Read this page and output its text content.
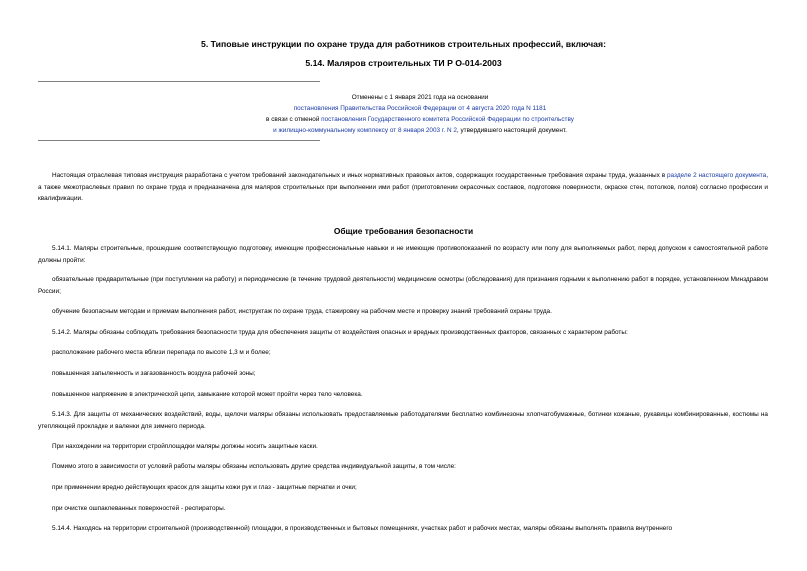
5. Типовые инструкции по охране труда для работников строительных профессий, включая:
5.14. Маляров строительных ТИ Р О-014-2003
Отменены с 1 января 2021 года на основании
постановления Правительства Российской Федерации от 4 августа 2020 года N 1181
в связи с отменой постановления Государственного комитета Российской Федерации по строительству
и жилищно-коммунальному комплексу от 8 января 2003 г. N 2, утвердившего настоящий документ.
Настоящая отраслевая типовая инструкция разработана с учетом требований законодательных и иных нормативных правовых актов, содержащих государственные требования охраны труда, указанных в разделе 2 настоящего документа, а также межотраслевых правил по охране труда и предназначена для маляров строительных при выполнении ими работ (приготовлении окрасочных составов, подготовке поверхности, окраске стен, потолков, полов) согласно профессии и квалификации.
Общие требования безопасности
5.14.1. Маляры строительные, прошедшие соответствующую подготовку, имеющие профессиональные навыки и не имеющие противопоказаний по возрасту или полу для выполняемых работ, перед допуском к самостоятельной работе должны пройти:
обязательные предварительные (при поступлении на работу) и периодические (в течение трудовой деятельности) медицинские осмотры (обследования) для признания годными к выполнению работ в порядке, установленном Минздравом России;
обучение безопасным методам и приемам выполнения работ, инструктаж по охране труда, стажировку на рабочем месте и проверку знаний требований охраны труда.
5.14.2. Маляры обязаны соблюдать требования безопасности труда для обеспечения защиты от воздействия опасных и вредных производственных факторов, связанных с характером работы:
расположение рабочего места вблизи перепада по высоте 1,3 м и более;
повышенная запыленность и загазованность воздуха рабочей зоны;
повышенное напряжение в электрической цепи, замыкание которой может пройти через тело человека.
5.14.3. Для защиты от механических воздействий, воды, щелочи маляры обязаны использовать предоставляемые работодателями бесплатно комбинезоны хлопчатобумажные, ботинки кожаные, рукавицы комбинированные, костюмы на утепляющей прокладке и валенки для зимнего периода.
При нахождении на территории стройплощадки маляры должны носить защитные каски.
Помимо этого в зависимости от условий работы маляры обязаны использовать другие средства индивидуальной защиты, в том числе:
при применении вредно действующих красок для защиты кожи рук и глаз - защитные перчатки и очки;
при очистке ошпаклеванных поверхностей - респираторы.
5.14.4. Находясь на территории строительной (производственной) площадки, в производственных и бытовых помещениях, участках работ и рабочих местах, маляры обязаны выполнять правила внутреннего
